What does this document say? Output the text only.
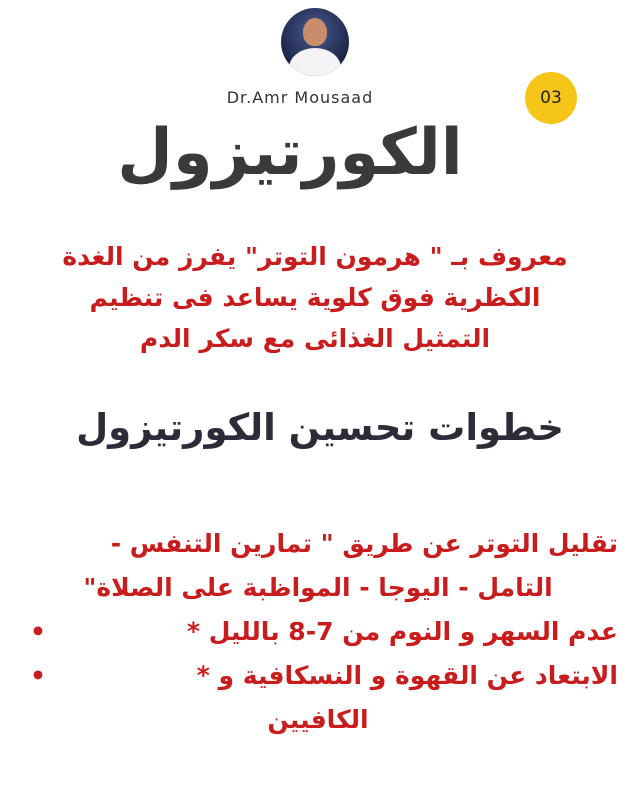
Dr.Amr Mousaad	03
الكورتيزول
معروف بـ " هرمون التوتر" يفرز من الغدة
الكظرية فوق كلوية يساعد فى تنظيم
التمثيل الغذائى مع سكر الدم
خطوات تحسين الكورتيزول
تقليل التوتر عن طريق " تمارين التنفس -
التامل - اليوجا - المواظبة على الصلاة"
عدم السهر و النوم من 7-8 بالليل *
•
الابتعاد عن القهوة و النسكافية و *
•
الكافيين
